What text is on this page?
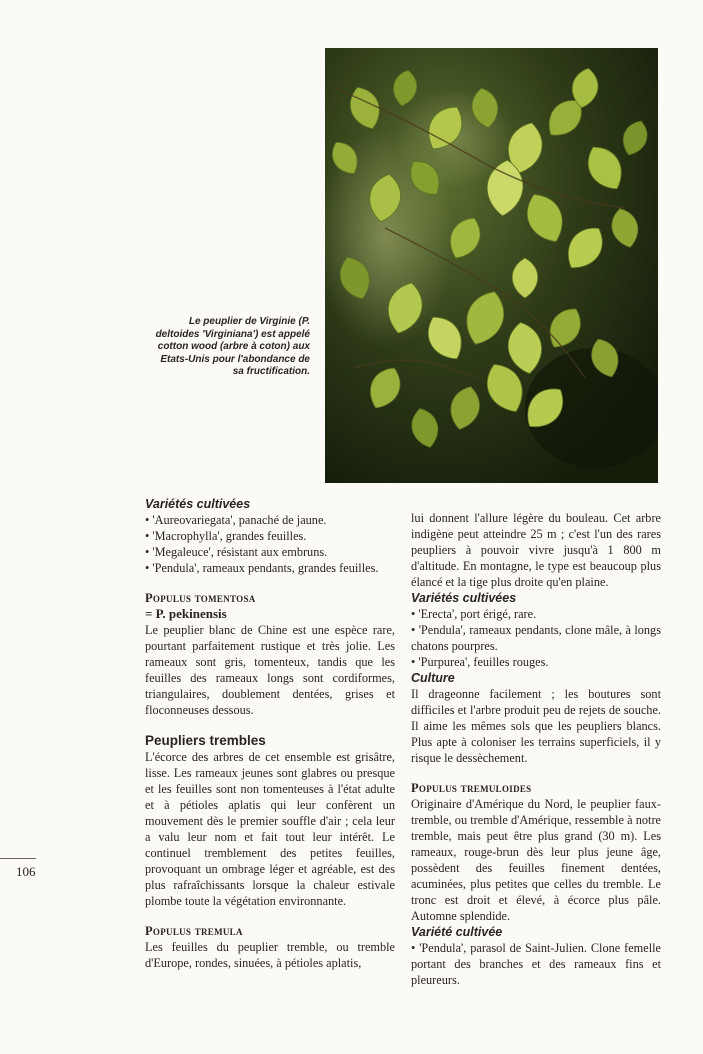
Le peuplier de Virginie (P. deltoides 'Virginiana') est appelé cotton wood (arbre à coton) aux Etats-Unis pour l'abondance de sa fructification.
106

Variétés cultivées

• 'Aureovariegata', panaché de jaune.
• 'Macrophylla', grandes feuilles.
• 'Megaleuce', résistant aux embruns.
• 'Pendula', rameaux pendants, grandes feuilles.

Populus tomentosa

= P. pekinensis

Le peuplier blanc de Chine est une espèce rare, pourtant parfaitement rustique et très jolie. Les rameaux sont gris, tomenteux, tandis que les feuilles des rameaux longs sont cordiformes, triangulaires, doublement dentées, grises et floconneuses dessous.

Peupliers trembles

L'écorce des arbres de cet ensemble est grisâtre, lisse. Les rameaux jeunes sont glabres ou presque et les feuilles sont non tomenteuses à l'état adulte et à pétioles aplatis qui leur confèrent un mouvement dès le premier souffle d'air ; cela leur a valu leur nom et fait tout leur intérêt. Le continuel tremblement des petites feuilles, provoquant un ombrage léger et agréable, est des plus rafraîchissants lorsque la chaleur estivale plombe toute la végétation environnante.

Populus tremula

Les feuilles du peuplier tremble, ou tremble d'Europe, rondes, sinuées, à pétioles aplatis,

lui donnent l'allure légère du bouleau. Cet arbre indigène peut atteindre 25 m ; c'est l'un des rares peupliers à pouvoir vivre jusqu'à 1 800 m d'altitude. En montagne, le type est beaucoup plus élancé et la tige plus droite qu'en plaine.

Variétés cultivées

• 'Erecta', port érigé, rare.
• 'Pendula', rameaux pendants, clone mâle, à longs chatons pourpres.
• 'Purpurea', feuilles rouges.

Culture

Il drageonne facilement ; les boutures sont difficiles et l'arbre produit peu de rejets de souche. Il aime les mêmes sols que les peupliers blancs. Plus apte à coloniser les terrains superficiels, il y risque le dessèchement.

Populus tremuloides

Originaire d'Amérique du Nord, le peuplier faux-tremble, ou tremble d'Amérique, ressemble à notre tremble, mais peut être plus grand (30 m). Les rameaux, rouge-brun dès leur plus jeune âge, possèdent des feuilles finement dentées, acuminées, plus petites que celles du tremble. Le tronc est droit et élevé, à écorce plus pâle. Automne splendide.

Variété cultivée

• 'Pendula', parasol de Saint-Julien. Clone femelle portant des branches et des rameaux fins et pleureurs.
